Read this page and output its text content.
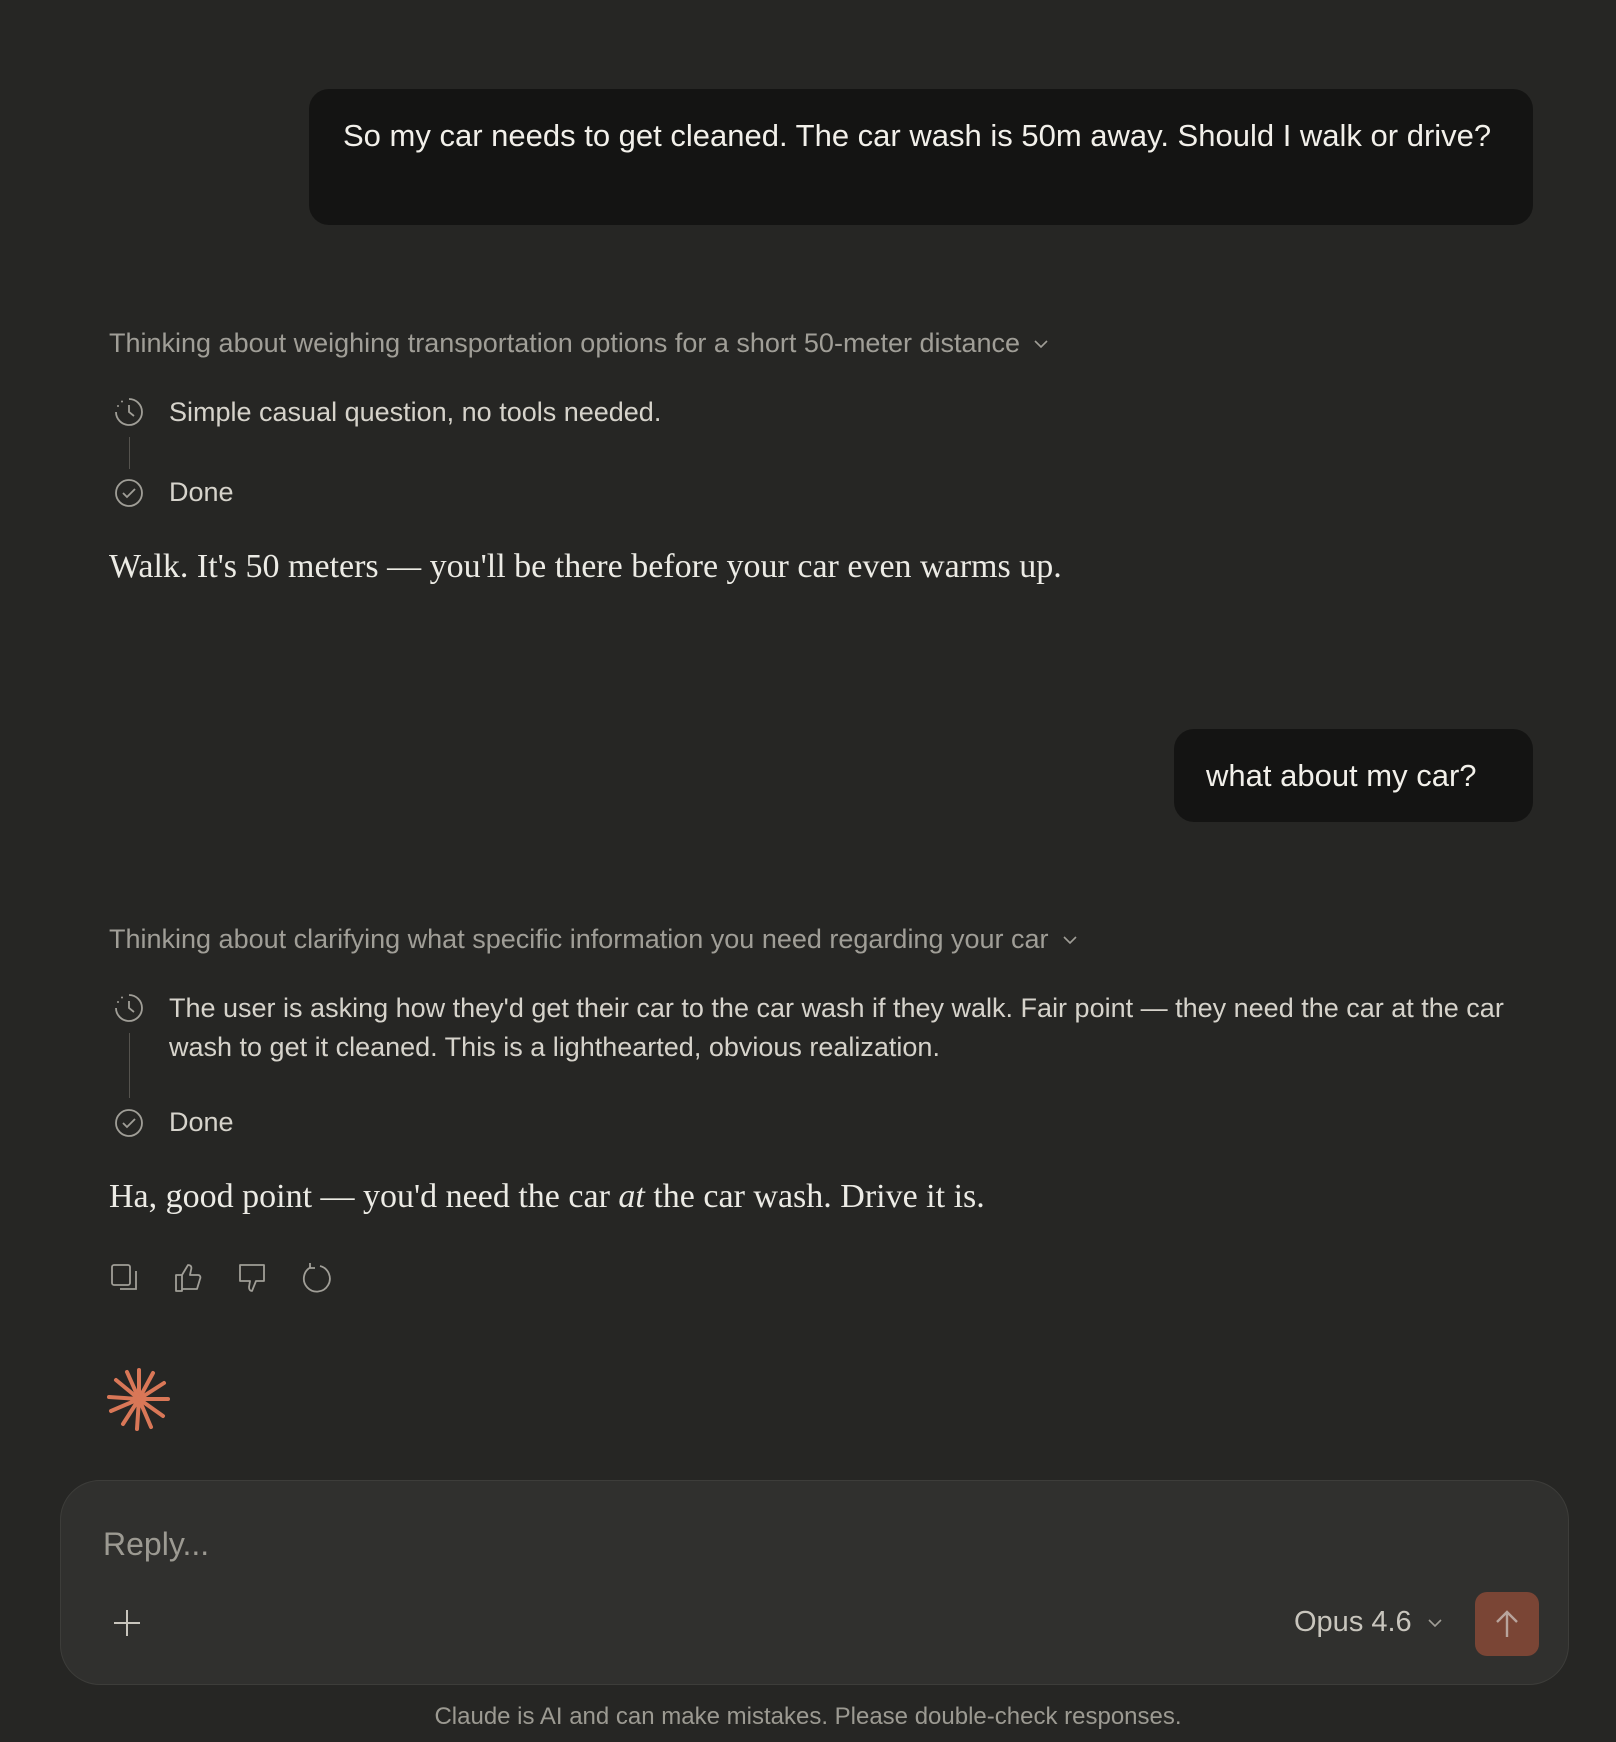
So my car needs to get cleaned. The car wash is 50m away. Should I walk or drive?
Thinking about weighing transportation options for a short 50-meter distance
Simple casual question, no tools needed.
Done
Walk. It's 50 meters — you'll be there before your car even warms up.
what about my car?
Thinking about clarifying what specific information you need regarding your car
The user is asking how they'd get their car to the car wash if they walk. Fair point — they need the car at the car wash to get it cleaned. This is a lighthearted, obvious realization.
Done
Ha, good point — you'd need the car at the car wash. Drive it is.
Reply...
Opus 4.6
Claude is AI and can make mistakes. Please double-check responses.
